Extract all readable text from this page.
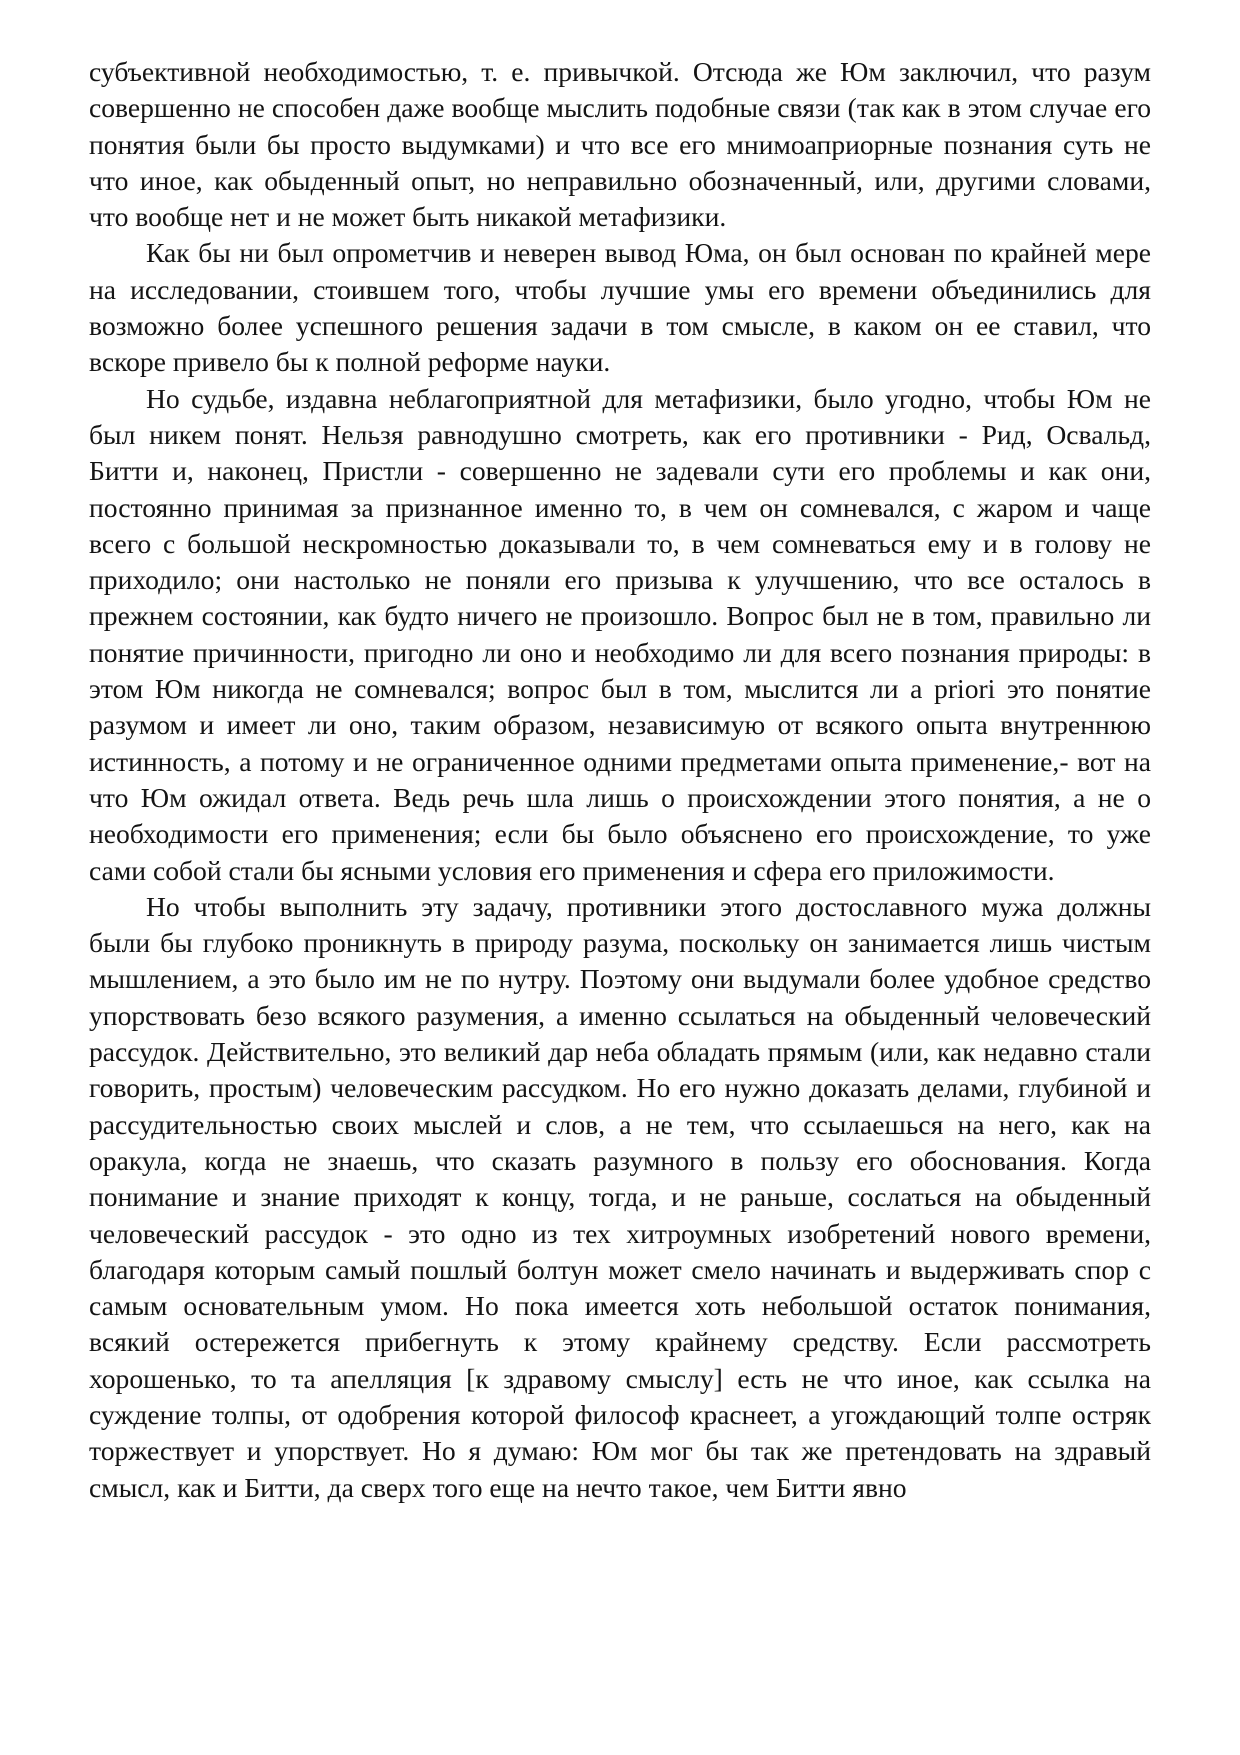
субъективной необходимостью, т. е. привычкой. Отсюда же Юм заключил, что разум совершенно не способен даже вообще мыслить подобные связи (так как в этом случае его понятия были бы просто выдумками) и что все его мнимоаприорные познания суть не что иное, как обыденный опыт, но неправильно обозначенный, или, другими словами, что вообще нет и не может быть никакой метафизики.

Как бы ни был опрометчив и неверен вывод Юма, он был основан по крайней мере на исследовании, стоившем того, чтобы лучшие умы его времени объединились для возможно более успешного решения задачи в том смысле, в каком он ее ставил, что вскоре привело бы к полной реформе науки.

Но судьбе, издавна неблагоприятной для метафизики, было угодно, чтобы Юм не был никем понят. Нельзя равнодушно смотреть, как его противники - Рид, Освальд, Битти и, наконец, Пристли - совершенно не задевали сути его проблемы и как они, постоянно принимая за признанное именно то, в чем он сомневался, с жаром и чаще всего с большой нескромностью доказывали то, в чем сомневаться ему и в голову не приходило; они настолько не поняли его призыва к улучшению, что все осталось в прежнем состоянии, как будто ничего не произошло. Вопрос был не в том, правильно ли понятие причинности, пригодно ли оно и необходимо ли для всего познания природы: в этом Юм никогда не сомневался; вопрос был в том, мыслится ли a priori это понятие разумом и имеет ли оно, таким образом, независимую от всякого опыта внутреннюю истинность, а потому и не ограниченное одними предметами опыта применение,- вот на что Юм ожидал ответа. Ведь речь шла лишь о происхождении этого понятия, а не о необходимости его применения; если бы было объяснено его происхождение, то уже сами собой стали бы ясными условия его применения и сфера его приложимости.

Но чтобы выполнить эту задачу, противники этого достославного мужа должны были бы глубоко проникнуть в природу разума, поскольку он занимается лишь чистым мышлением, а это было им не по нутру. Поэтому они выдумали более удобное средство упорствовать безо всякого разумения, а именно ссылаться на обыденный человеческий рассудок. Действительно, это великий дар неба обладать прямым (или, как недавно стали говорить, простым) человеческим рассудком. Но его нужно доказать делами, глубиной и рассудительностью своих мыслей и слов, а не тем, что ссылаешься на него, как на оракула, когда не знаешь, что сказать разумного в пользу его обоснования. Когда понимание и знание приходят к концу, тогда, и не раньше, сослаться на обыденный человеческий рассудок - это одно из тех хитроумных изобретений нового времени, благодаря которым самый пошлый болтун может смело начинать и выдерживать спор с самым основательным умом. Но пока имеется хоть небольшой остаток понимания, всякий остережется прибегнуть к этому крайнему средству. Если рассмотреть хорошенько, то та апелляция [к здравому смыслу] есть не что иное, как ссылка на суждение толпы, от одобрения которой философ краснеет, а угождающий толпе остряк торжествует и упорствует. Но я думаю: Юм мог бы так же претендовать на здравый смысл, как и Битти, да сверх того еще на нечто такое, чем Битти явно
